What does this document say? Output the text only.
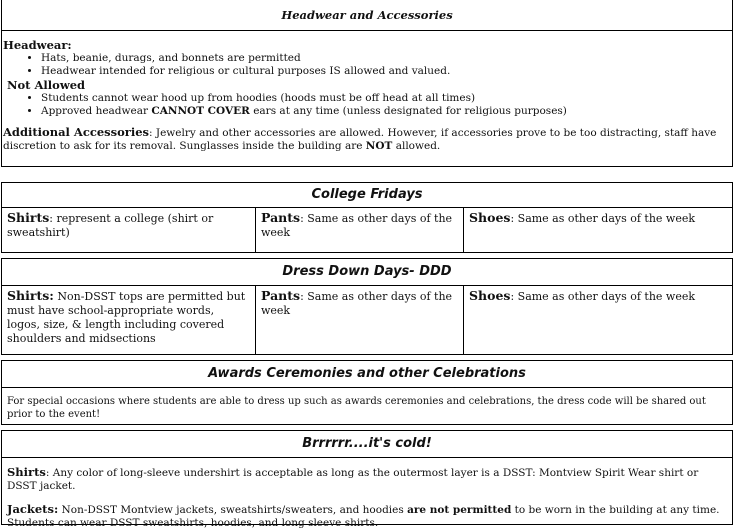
Headwear and Accessories
Headwear:
• Hats, beanie, durags, and bonnets are permitted
• Headwear intended for religious or cultural purposes IS allowed and valued.
Not Allowed
• Students cannot wear hood up from hoodies (hoods must be off head at all times)
• Approved headwear CANNOT COVER ears at any time (unless designated for religious purposes)
Additional Accessories: Jewelry and other accessories are allowed. However, if accessories prove to be too distracting, staff have discretion to ask for its removal. Sunglasses inside the building are NOT allowed.
College Fridays
Shirts: represent a college (shirt or sweatshirt)
Pants: Same as other days of the week
Shoes: Same as other days of the week
Dress Down Days- DDD
Shirts: Non-DSST tops are permitted but must have school-appropriate words, logos, size, & length including covered shoulders and midsections
Pants: Same as other days of the week
Shoes: Same as other days of the week
Awards Ceremonies and other Celebrations
For special occasions where students are able to dress up such as awards ceremonies and celebrations, the dress code will be shared out prior to the event!
Brrrrrr....it's cold!
Shirts: Any color of long-sleeve undershirt is acceptable as long as the outermost layer is a DSST: Montview Spirit Wear shirt or DSST jacket.
Jackets: Non-DSST Montview jackets, sweatshirts/sweaters, and hoodies are not permitted to be worn in the building at any time. Students can wear DSST sweatshirts, hoodies, and long sleeve shirts.
